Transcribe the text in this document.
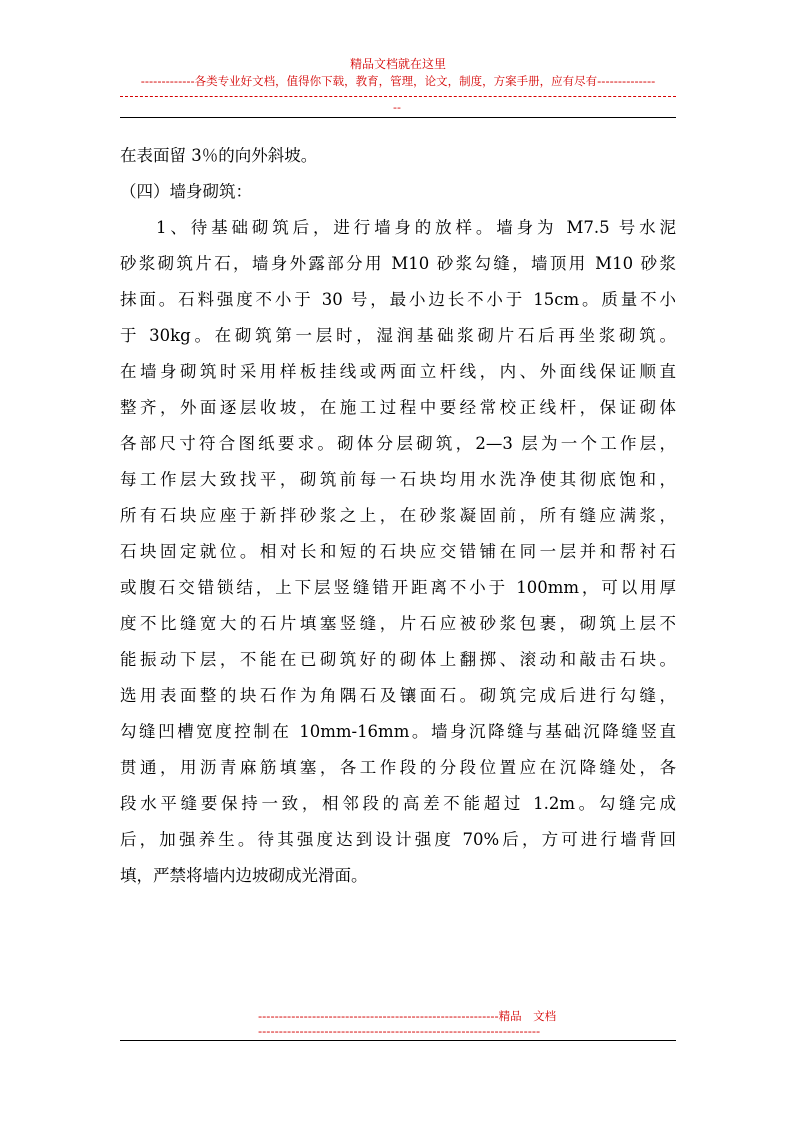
精品文档就在这里
-------------各类专业好文档，值得你下载，教育，管理，论文，制度，方案手册，应有尽有--------------
--
在表面留 3％的向外斜坡。
（四）墙身砌筑：
1、待基础砌筑后，进行墙身的放样。墙身为 M7.5 号水泥
砂浆砌筑片石，墙身外露部分用 M10 砂浆勾缝，墙顶用 M10 砂浆
抹面。石料强度不小于 30 号，最小边长不小于 15cm。质量不小
于 30kg。在砌筑第一层时，湿润基础浆砌片石后再坐浆砌筑。
在墙身砌筑时采用样板挂线或两面立杆线，内、外面线保证顺直
整齐，外面逐层收坡，在施工过程中要经常校正线杆，保证砌体
各部尺寸符合图纸要求。砌体分层砌筑，2—3 层为一个工作层，
每工作层大致找平，砌筑前每一石块均用水洗净使其彻底饱和，
所有石块应座于新拌砂浆之上，在砂浆凝固前，所有缝应满浆，
石块固定就位。相对长和短的石块应交错铺在同一层并和帮衬石
或腹石交错锁结，上下层竖缝错开距离不小于 100mm，可以用厚
度不比缝宽大的石片填塞竖缝，片石应被砂浆包裹，砌筑上层不
能振动下层，不能在已砌筑好的砌体上翻掷、滚动和敲击石块。
选用表面整的块石作为角隅石及镶面石。砌筑完成后进行勾缝，
勾缝凹槽宽度控制在 10mm-16mm。墙身沉降缝与基础沉降缝竖直
贯通，用沥青麻筋填塞，各工作段的分段位置应在沉降缝处，各
段水平缝要保持一致，相邻段的高差不能超过 1.2m。勾缝完成
后，加强养生。待其强度达到设计强度 70%后，方可进行墙背回
填，严禁将墙内边坡砌成光滑面。
----------------------------------------------------------精品　文档
--------------------------------------------------------------------
